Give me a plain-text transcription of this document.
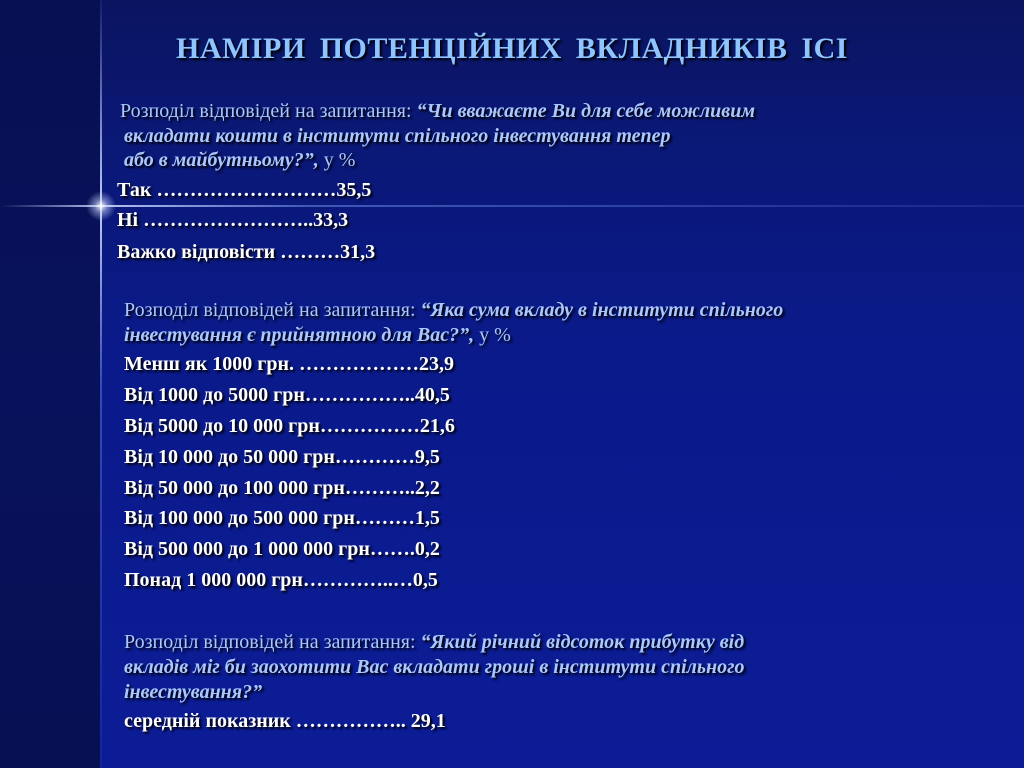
НАМІРИ ПОТЕНЦІЙНИХ ВКЛАДНИКІВ ІСІ
Розподіл відповідей на запитання: “Чи вважаєте Ви для себе можливим
вкладати кошти в інститути спільного інвестування тепер
або в майбутньому?”, у %
Так ………………………35,5
Ні ……………………..33,3
Важко відповісти ………31,3
Розподіл відповідей на запитання: “Яка сума вкладу в інститути спільного
інвестування є прийнятною для Вас?”, у %
Менш як 1000 грн. ………………23,9
Від 1000 до 5000 грн……………..40,5
Від 5000 до 10 000 грн……………21,6
Від 10 000 до 50 000 грн…………9,5
Від 50 000 до 100 000 грн………..2,2
Від 100 000 до 500 000 грн………1,5
Від 500 000 до 1 000 000 грн…….0,2
Понад 1 000 000 грн…………..…0,5
Розподіл відповідей на запитання: “Який річний відсоток прибутку від
вкладів міг би заохотити Вас вкладати гроші в інститути спільного
інвестування?”
середній показник …………….. 29,1
